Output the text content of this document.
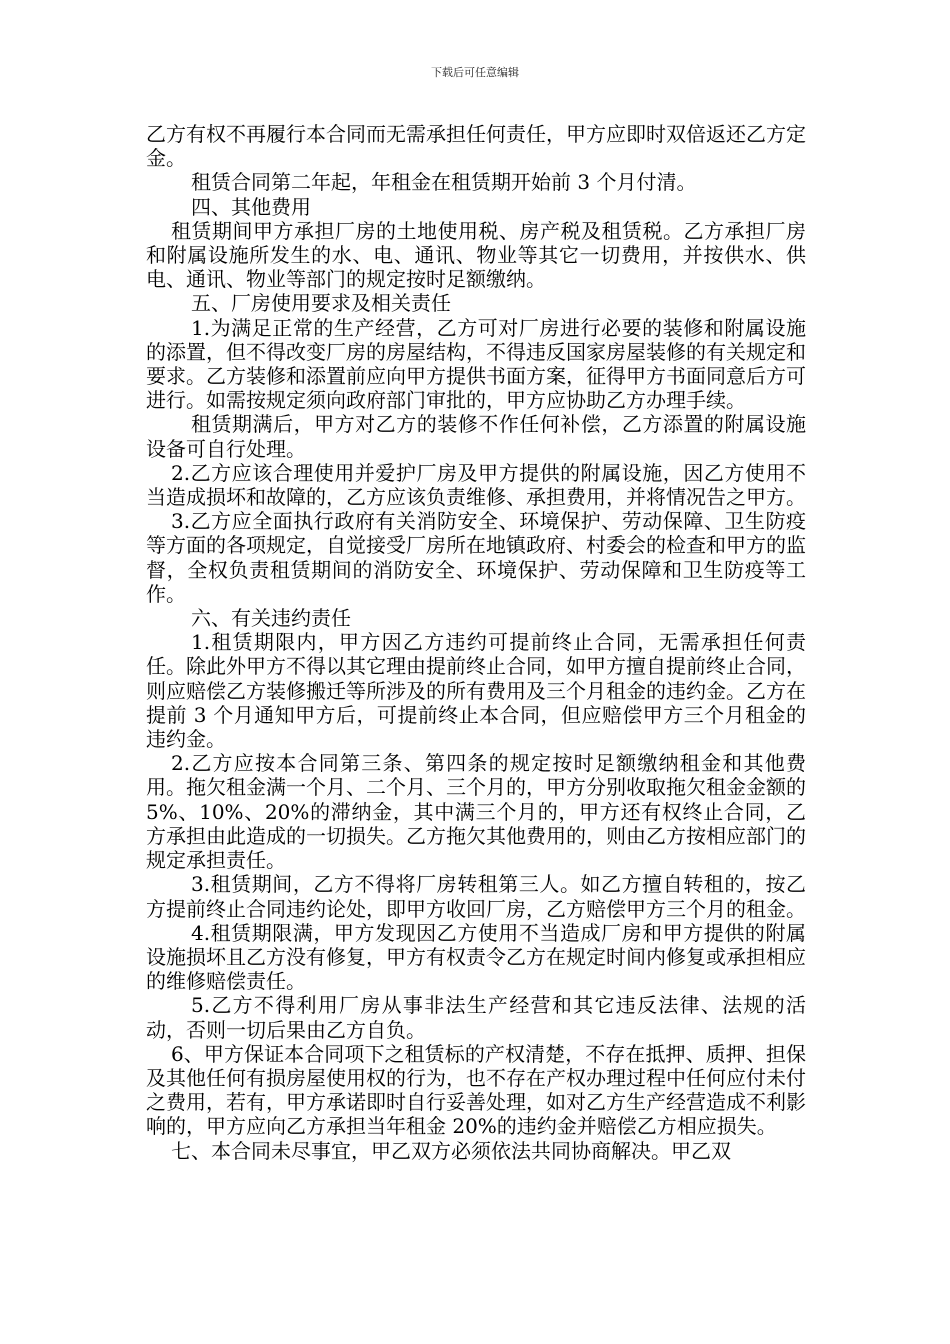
下载后可任意编辑

乙方有权不再履行本合同而无需承担任何责任，甲方应即时双倍返还乙方定金。

租赁合同第二年起，年租金在租赁期开始前 3 个月付清。

四、其他费用

租赁期间甲方承担厂房的土地使用税、房产税及租赁税。乙方承担厂房和附属设施所发生的水、电、通讯、物业等其它一切费用，并按供水、供电、通讯、物业等部门的规定按时足额缴纳。

五、厂房使用要求及相关责任

1.为满足正常的生产经营，乙方可对厂房进行必要的装修和附属设施的添置，但不得改变厂房的房屋结构，不得违反国家房屋装修的有关规定和要求。乙方装修和添置前应向甲方提供书面方案，征得甲方书面同意后方可进行。如需按规定须向政府部门审批的，甲方应协助乙方办理手续。

租赁期满后，甲方对乙方的装修不作任何补偿，乙方添置的附属设施设备可自行处理。

2.乙方应该合理使用并爱护厂房及甲方提供的附属设施，因乙方使用不当造成损坏和故障的，乙方应该负责维修、承担费用，并将情况告之甲方。

3.乙方应全面执行政府有关消防安全、环境保护、劳动保障、卫生防疫等方面的各项规定，自觉接受厂房所在地镇政府、村委会的检查和甲方的监督，全权负责租赁期间的消防安全、环境保护、劳动保障和卫生防疫等工作。

六、有关违约责任

1.租赁期限内，甲方因乙方违约可提前终止合同，无需承担任何责任。除此外甲方不得以其它理由提前终止合同，如甲方擅自提前终止合同，则应赔偿乙方装修搬迁等所涉及的所有费用及三个月租金的违约金。乙方在提前 3 个月通知甲方后，可提前终止本合同，但应赔偿甲方三个月租金的违约金。

2.乙方应按本合同第三条、第四条的规定按时足额缴纳租金和其他费用。拖欠租金满一个月、二个月、三个月的，甲方分别收取拖欠租金金额的 5%、10%、20%的滞纳金，其中满三个月的，甲方还有权终止合同，乙方承担由此造成的一切损失。乙方拖欠其他费用的，则由乙方按相应部门的规定承担责任。

3.租赁期间，乙方不得将厂房转租第三人。如乙方擅自转租的，按乙方提前终止合同违约论处，即甲方收回厂房，乙方赔偿甲方三个月的租金。

4.租赁期限满，甲方发现因乙方使用不当造成厂房和甲方提供的附属设施损坏且乙方没有修复，甲方有权责令乙方在规定时间内修复或承担相应的维修赔偿责任。

5.乙方不得利用厂房从事非法生产经营和其它违反法律、法规的活动，否则一切后果由乙方自负。

6、甲方保证本合同项下之租赁标的产权清楚，不存在抵押、质押、担保及其他任何有损房屋使用权的行为，也不存在产权办理过程中任何应付未付之费用，若有，甲方承诺即时自行妥善处理，如对乙方生产经营造成不利影响的，甲方应向乙方承担当年租金 20%的违约金并赔偿乙方相应损失。

七、本合同未尽事宜，甲乙双方必须依法共同协商解决。甲乙双
